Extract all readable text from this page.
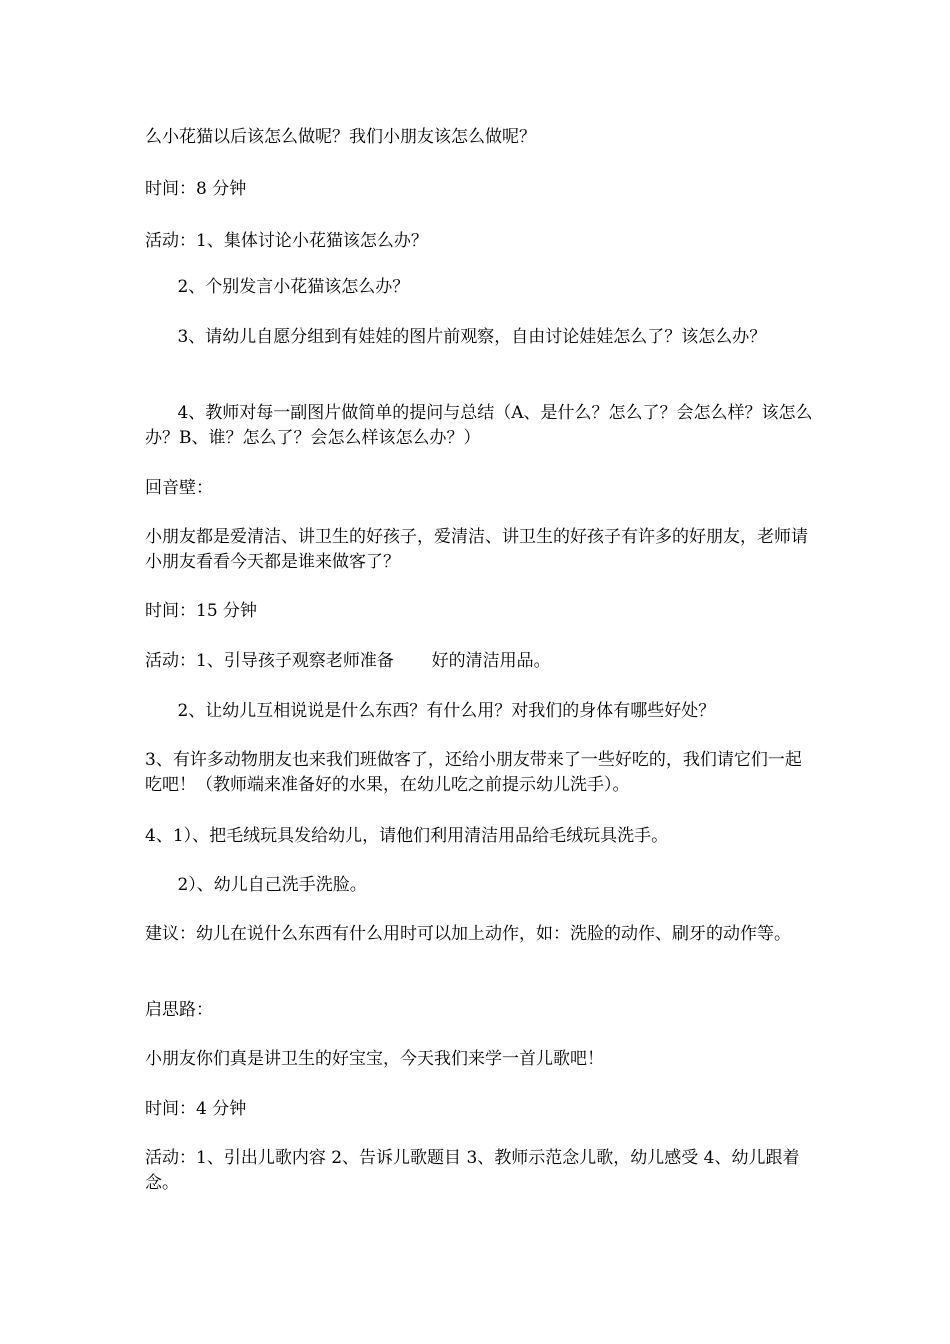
么小花猫以后该怎么做呢？我们小朋友该怎么做呢？

时间：8 分钟

活动：1、集体讨论小花猫该怎么办？

2、个别发言小花猫该怎么办？

3、请幼儿自愿分组到有娃娃的图片前观察，自由讨论娃娃怎么了？该怎么办？

4、教师对每一副图片做简单的提问与总结（A、是什么？怎么了？会怎么样？该怎么办？B、谁？怎么了？会怎么样该怎么办？）

回音壁：

小朋友都是爱清洁、讲卫生的好孩子，爱清洁、讲卫生的好孩子有许多的好朋友，老师请小朋友看看今天都是谁来做客了？

时间：15 分钟

活动：1、引导孩子观察老师准备       好的清洁用品。

2、让幼儿互相说说是什么东西？有什么用？对我们的身体有哪些好处？

3、有许多动物朋友也来我们班做客了，还给小朋友带来了一些好吃的，我们请它们一起吃吧！（教师端来准备好的水果，在幼儿吃之前提示幼儿洗手）。

4、1）、把毛绒玩具发给幼儿，请他们利用清洁用品给毛绒玩具洗手。

2）、幼儿自己洗手洗脸。

建议：幼儿在说什么东西有什么用时可以加上动作，如：洗脸的动作、刷牙的动作等。

启思路：

小朋友你们真是讲卫生的好宝宝，今天我们来学一首儿歌吧！

时间：4 分钟

活动：1、引出儿歌内容 2、告诉儿歌题目 3、教师示范念儿歌，幼儿感受 4、幼儿跟着念。
